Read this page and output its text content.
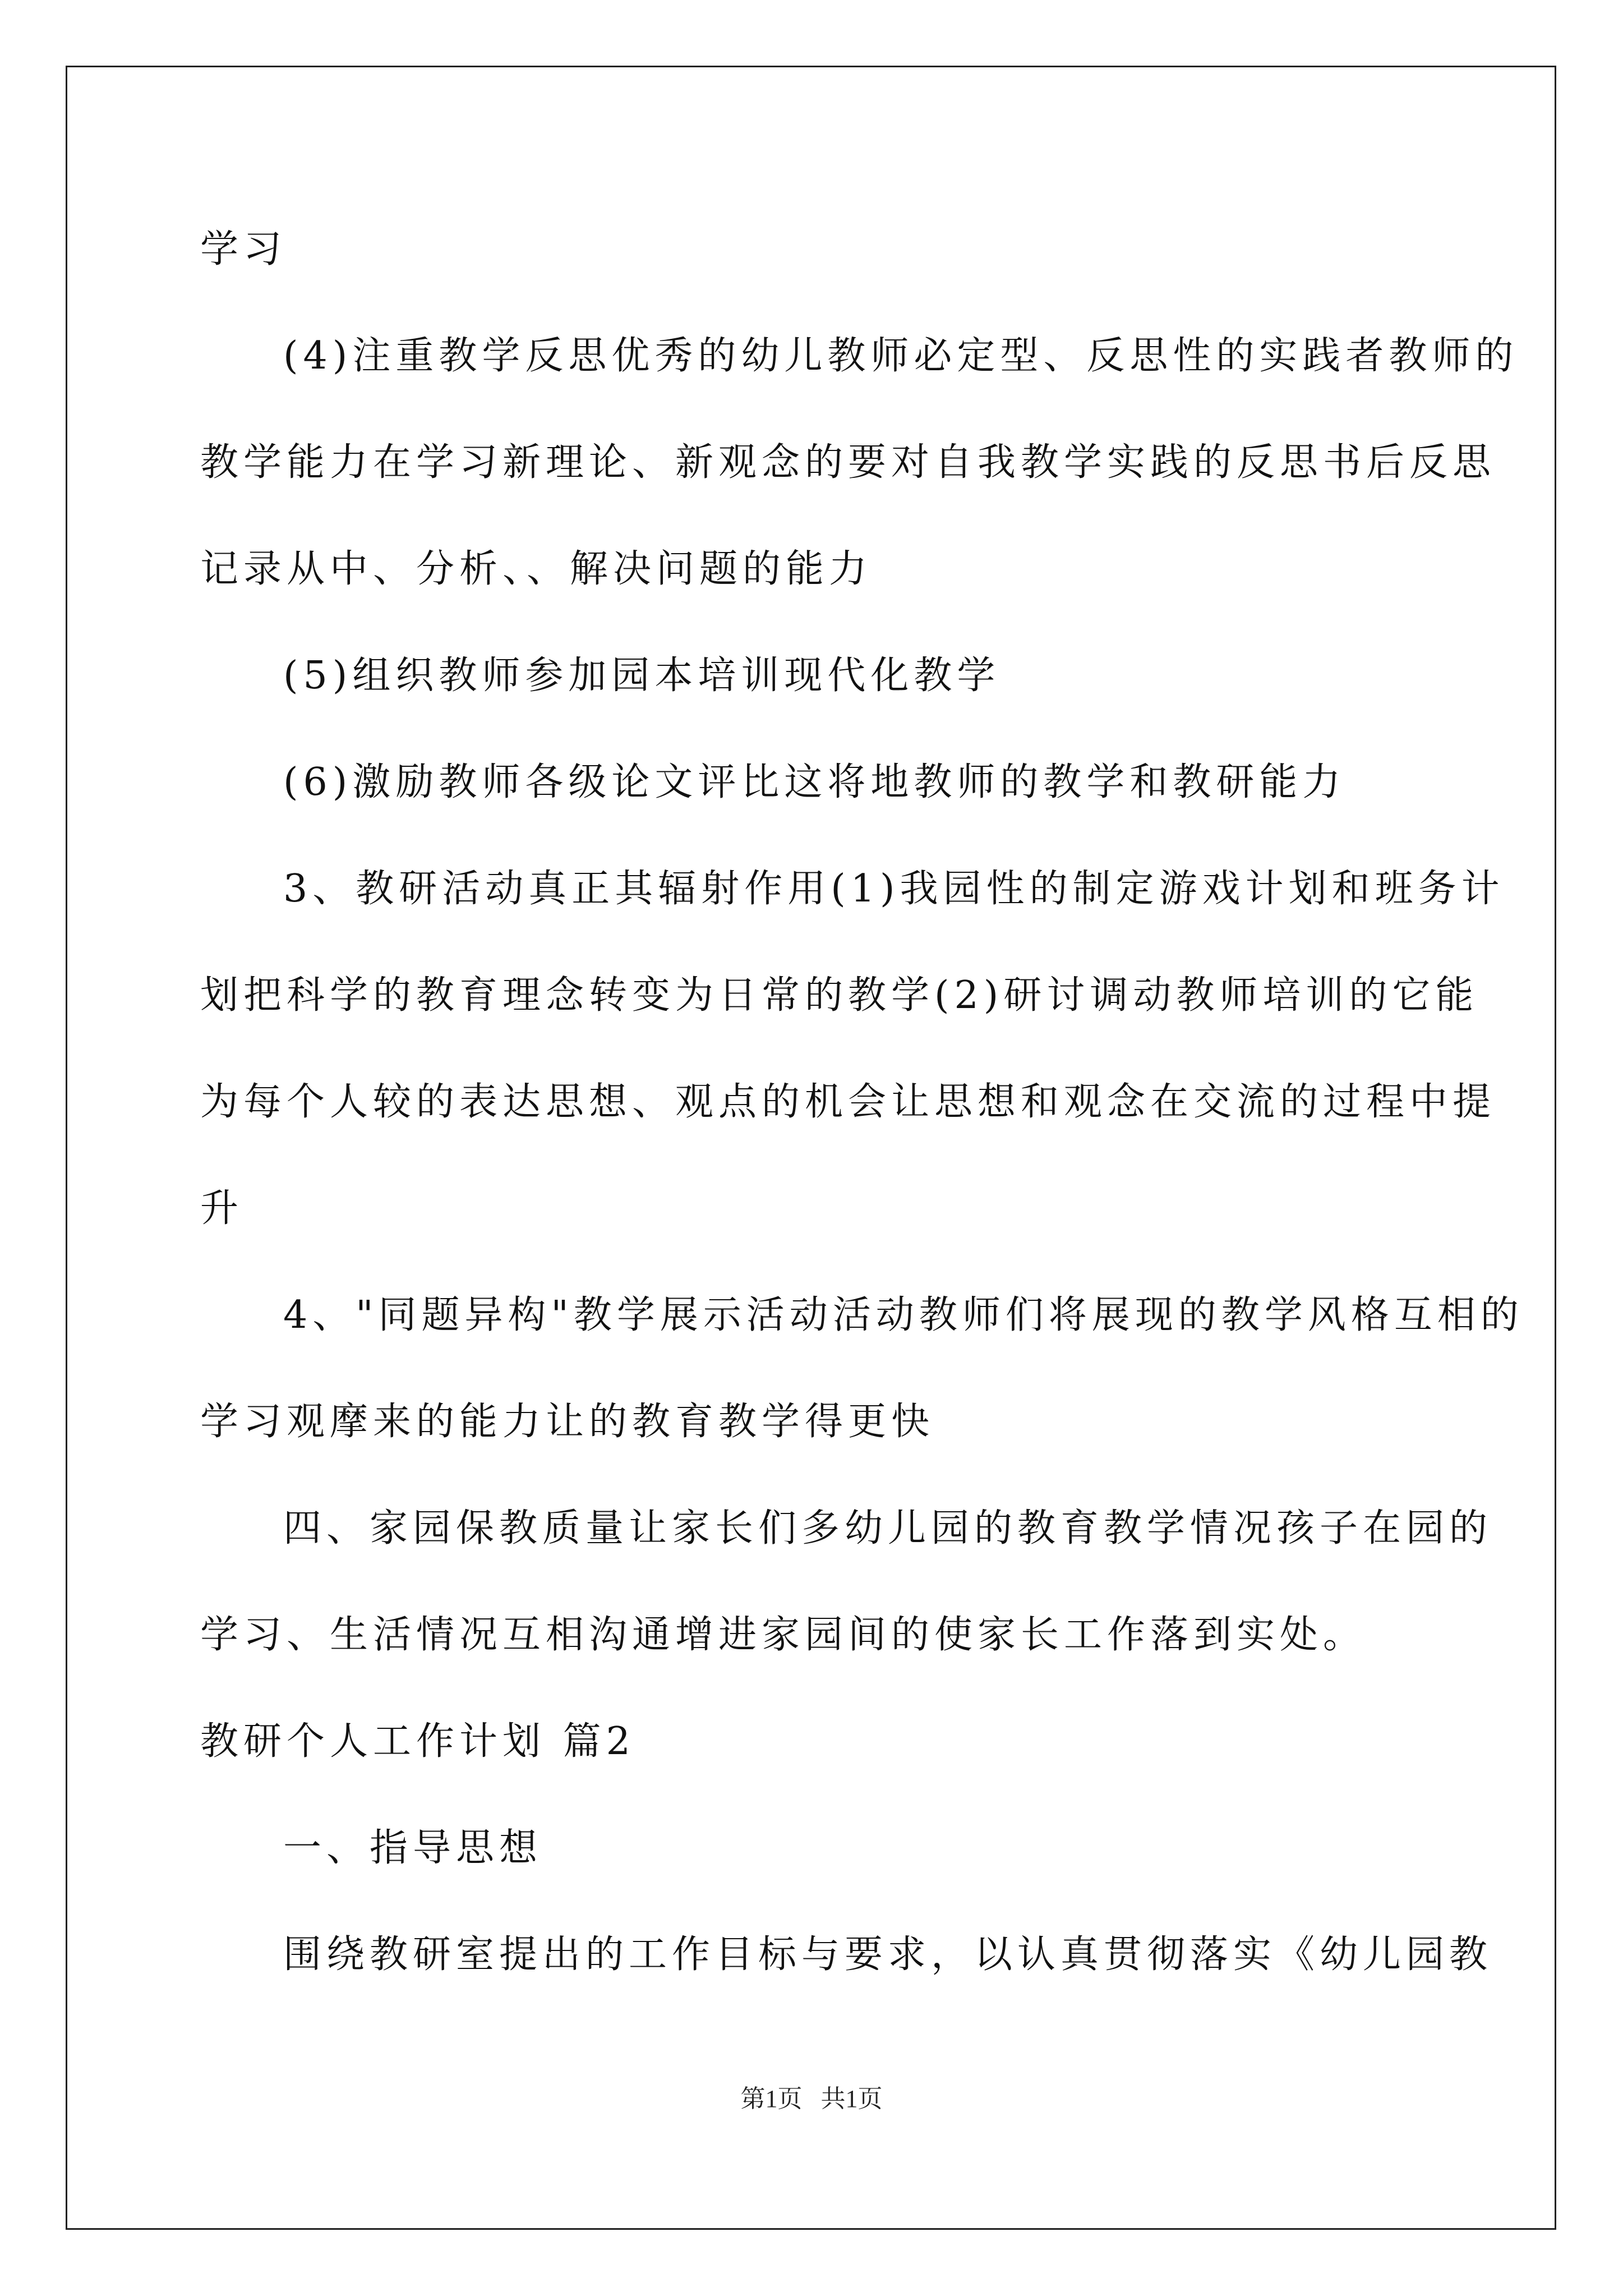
学习
(4)注重教学反思优秀的幼儿教师必定型、反思性的实践者教师的
教学能力在学习新理论、新观念的要对自我教学实践的反思书后反思
记录从中、分析、、解决问题的能力
(5)组织教师参加园本培训现代化教学
(6)激励教师各级论文评比这将地教师的教学和教研能力
3、教研活动真正其辐射作用(1)我园性的制定游戏计划和班务计
划把科学的教育理念转变为日常的教学(2)研讨调动教师培训的它能
为每个人较的表达思想、观点的机会让思想和观念在交流的过程中提
升
4、"同题异构"教学展示活动活动教师们将展现的教学风格互相的
学习观摩来的能力让的教育教学得更快
四、家园保教质量让家长们多幼儿园的教育教学情况孩子在园的
学习、生活情况互相沟通增进家园间的使家长工作落到实处。
教研个人工作计划 篇2
一、指导思想
围绕教研室提出的工作目标与要求，以认真贯彻落实《幼儿园教
第1页   共1页
